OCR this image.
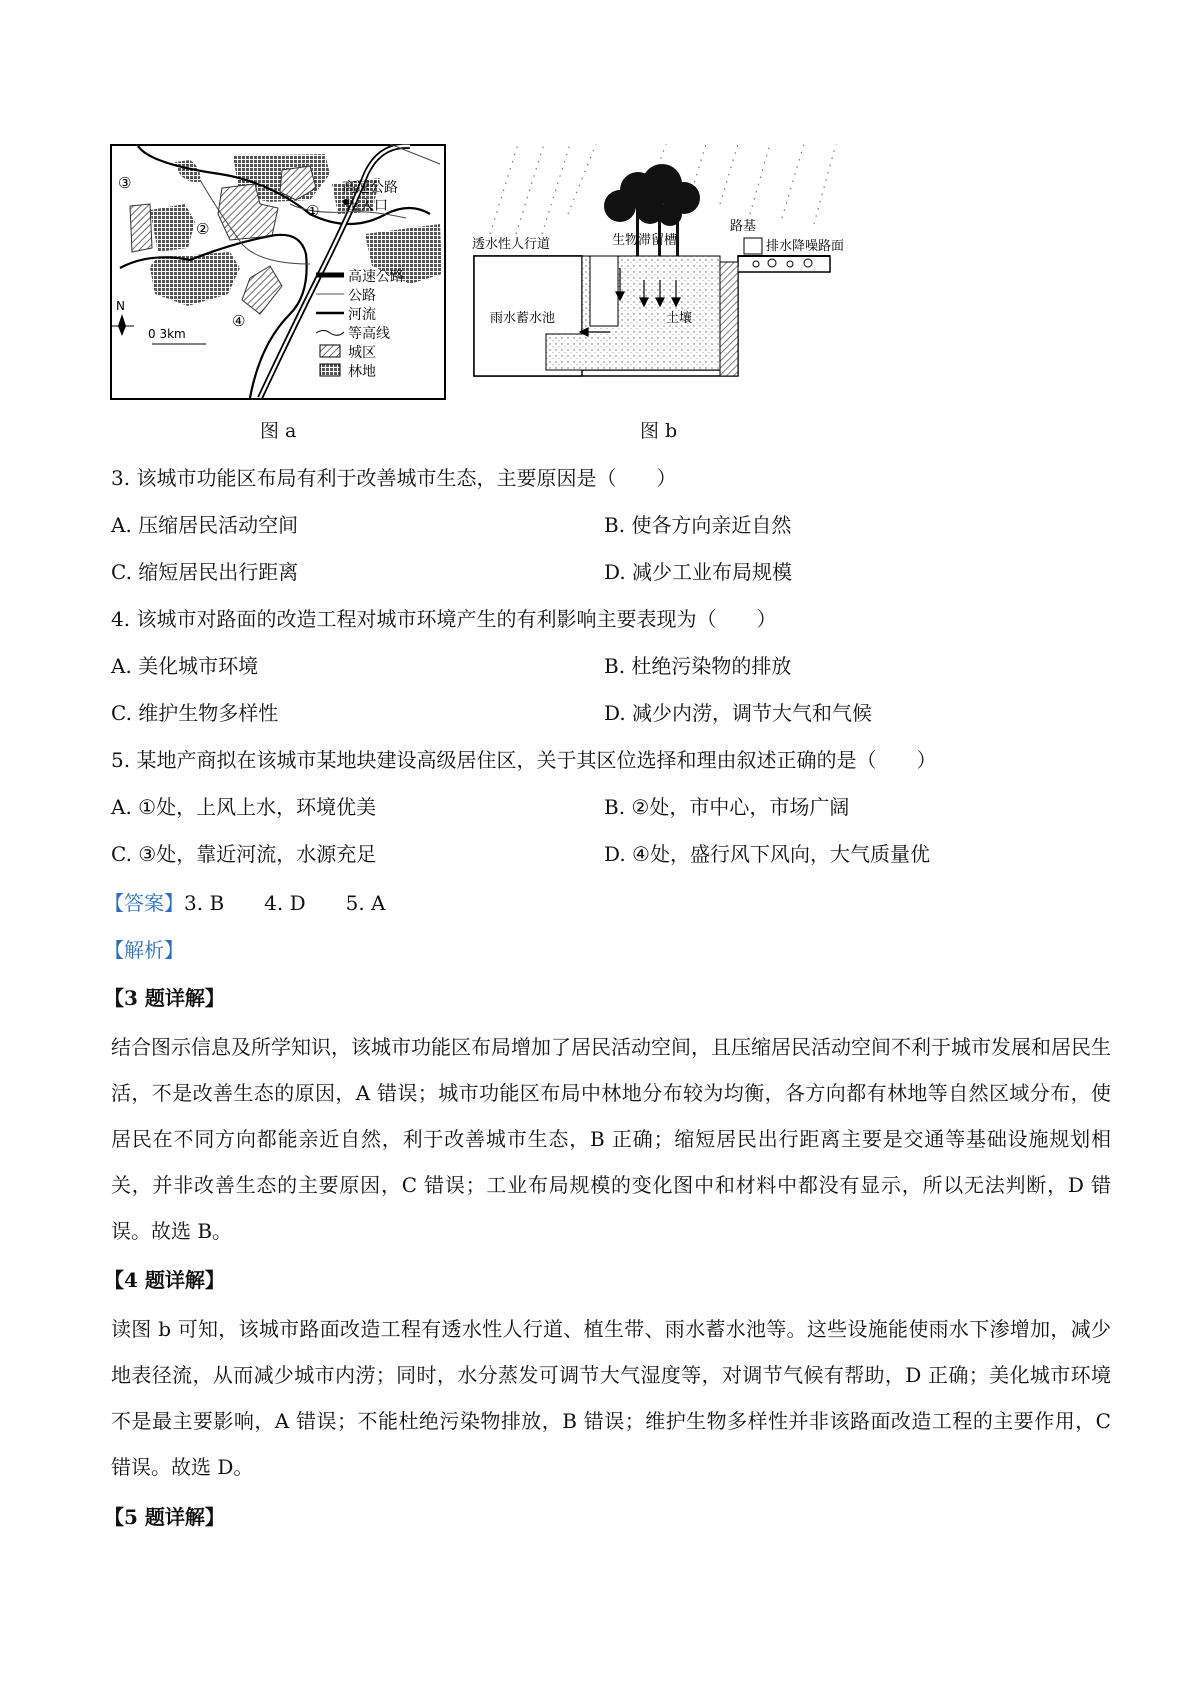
③
②
①
④
高速公路
出入口
N
0 3km
高速公路
公路
河流
等高线
城区
林地
图 a
透水性人行道	生物滞留槽
路基
排水降噪路面
雨水蓄水池	土壤
图 b
3. 该城市功能区布局有利于改善城市生态，主要原因是（　　）
A. 压缩居民活动空间	B. 使各方向亲近自然
C. 缩短居民出行距离	D. 减少工业布局规模
4. 该城市对路面的改造工程对城市环境产生的有利影响主要表现为（　　）
A. 美化城市环境	B. 杜绝污染物的排放
C. 维护生物多样性	D. 减少内涝，调节大气和气候
5. 某地产商拟在该城市某地块建设高级居住区，关于其区位选择和理由叙述正确的是（　　）
A. ①处，上风上水，环境优美	B. ②处，市中心，市场广阔
C. ③处，靠近河流，水源充足	D. ④处，盛行风下风向，大气质量优
【答案】3. B　　4. D　　5. A
【解析】
【3 题详解】

结合图示信息及所学知识，该城市功能区布局增加了居民活动空间，且压缩居民活动空间不利于城市发展和居民生活，不是改善生态的原因，A 错误；城市功能区布局中林地分布较为均衡，各方向都有林地等自然区域分布，使居民在不同方向都能亲近自然，利于改善城市生态，B 正确；缩短居民出行距离主要是交通等基础设施规划相关，并非改善生态的主要原因，C 错误；工业布局规模的变化图中和材料中都没有显示，所以无法判断，D 错误。故选 B。

【4 题详解】

读图 b 可知，该城市路面改造工程有透水性人行道、植生带、雨水蓄水池等。这些设施能使雨水下渗增加，减少地表径流，从而减少城市内涝；同时，水分蒸发可调节大气湿度等，对调节气候有帮助，D 正确；美化城市环境不是最主要影响，A 错误；不能杜绝污染物排放，B 错误；维护生物多样性并非该路面改造工程的主要作用，C 错误。故选 D。

【5 题详解】
